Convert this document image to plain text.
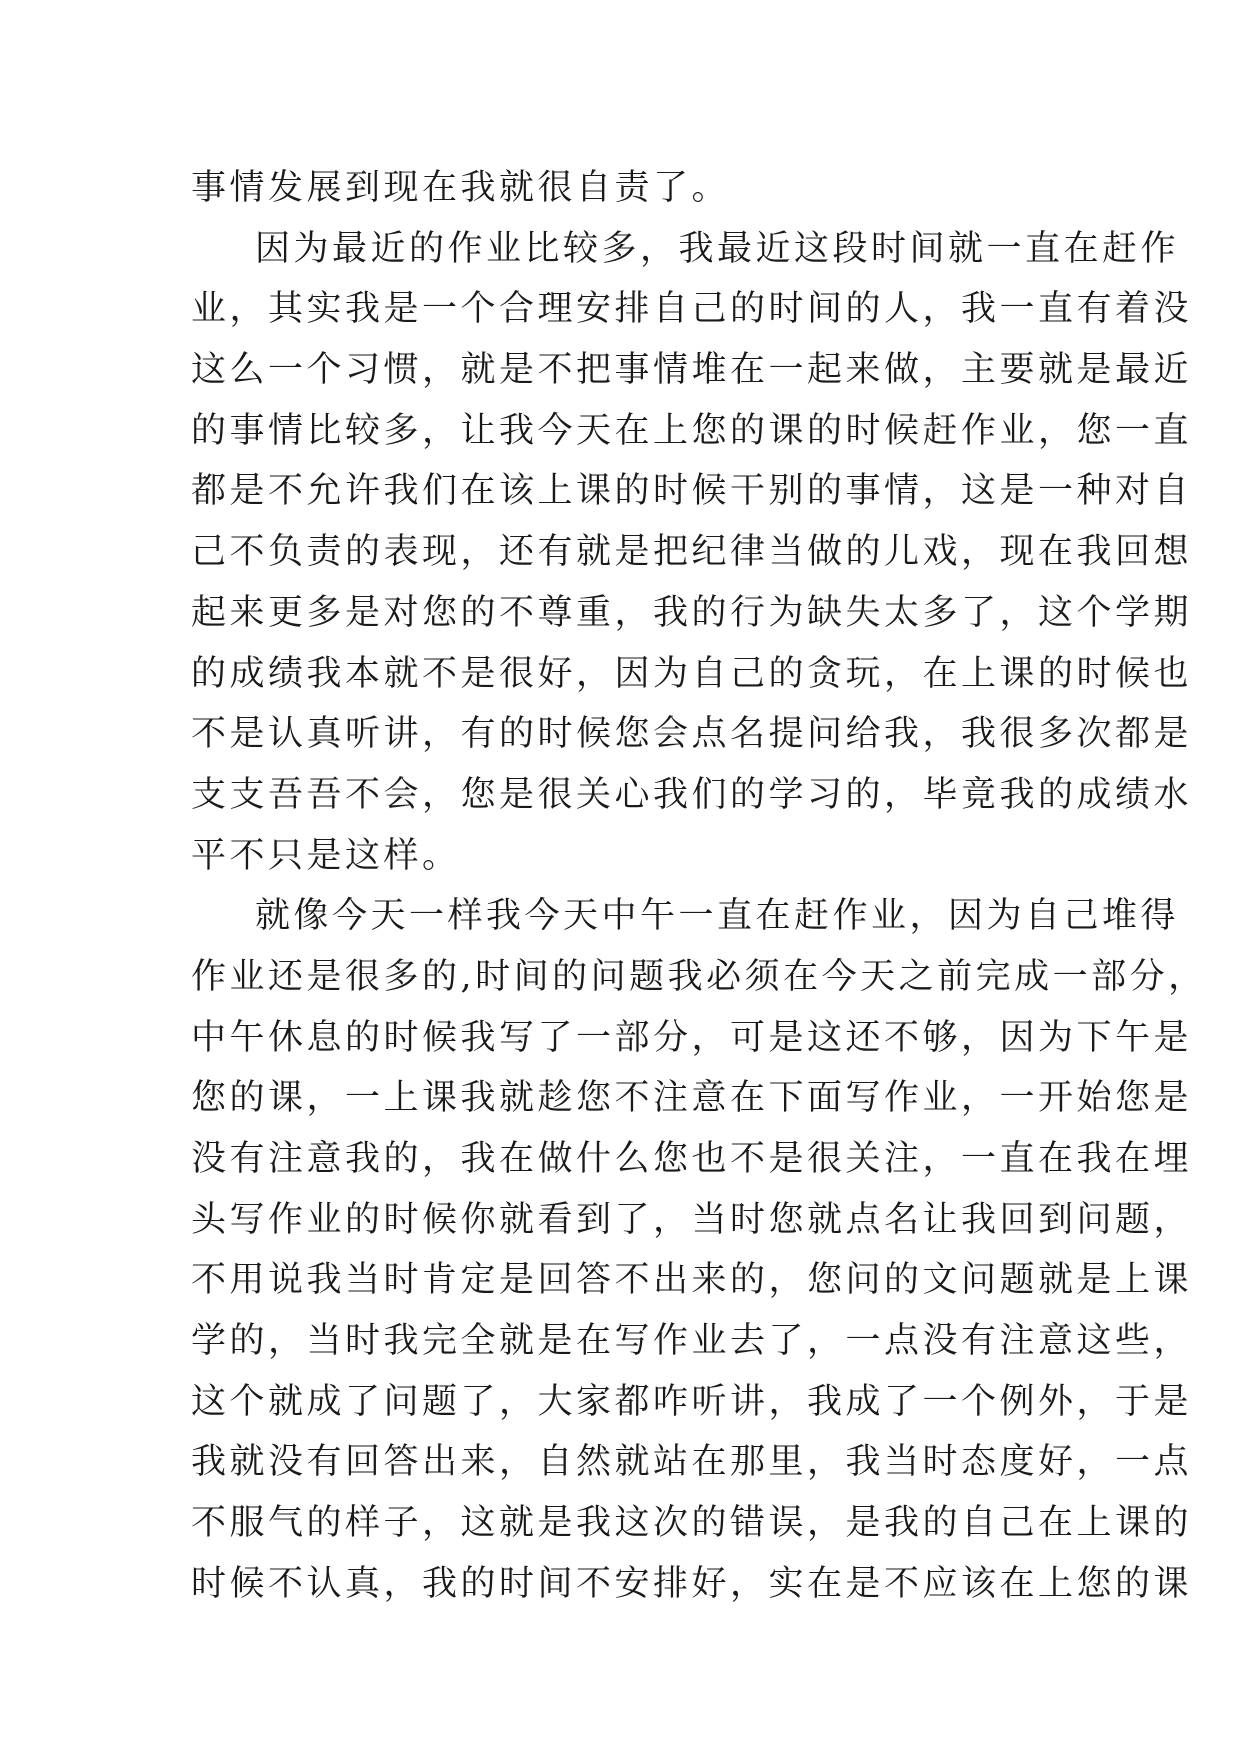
事情发展到现在我就很自责了。
因为最近的作业比较多，我最近这段时间就一直在赶作
业，其实我是一个合理安排自己的时间的人，我一直有着没
这么一个习惯，就是不把事情堆在一起来做，主要就是最近
的事情比较多，让我今天在上您的课的时候赶作业，您一直
都是不允许我们在该上课的时候干别的事情，这是一种对自
己不负责的表现，还有就是把纪律当做的儿戏，现在我回想
起来更多是对您的不尊重，我的行为缺失太多了，这个学期
的成绩我本就不是很好，因为自己的贪玩，在上课的时候也
不是认真听讲，有的时候您会点名提问给我，我很多次都是
支支吾吾不会，您是很关心我们的学习的，毕竟我的成绩水
平不只是这样。
就像今天一样我今天中午一直在赶作业，因为自己堆得
作业还是很多的,时间的问题我必须在今天之前完成一部分，
中午休息的时候我写了一部分，可是这还不够，因为下午是
您的课，一上课我就趁您不注意在下面写作业，一开始您是
没有注意我的，我在做什么您也不是很关注，一直在我在埋
头写作业的时候你就看到了，当时您就点名让我回到问题，
不用说我当时肯定是回答不出来的，您问的文问题就是上课
学的，当时我完全就是在写作业去了，一点没有注意这些，
这个就成了问题了，大家都咋听讲，我成了一个例外，于是
我就没有回答出来，自然就站在那里，我当时态度好，一点
不服气的样子，这就是我这次的错误，是我的自己在上课的
时候不认真，我的时间不安排好，实在是不应该在上您的课
